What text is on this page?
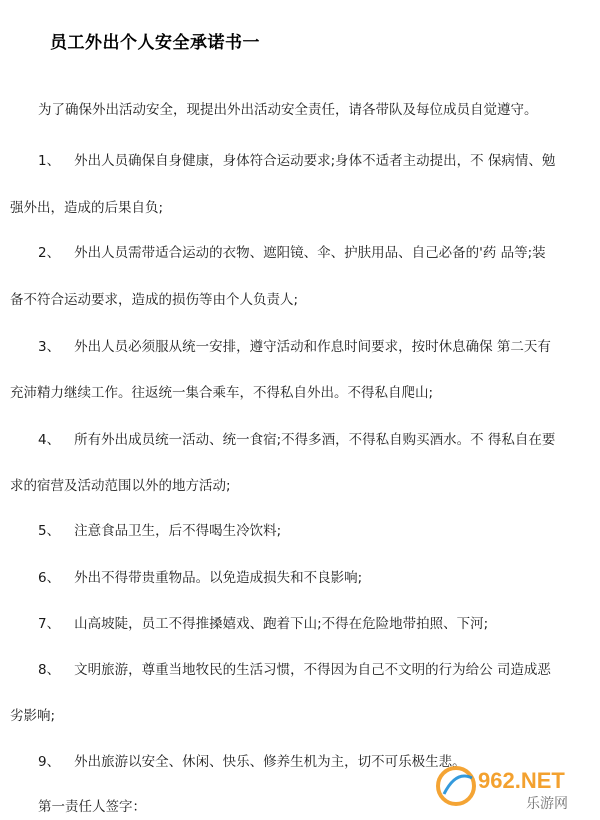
员工外出个人安全承诺书一
为了确保外出活动安全，现提出外出活动安全责任，请各带队及每位成员自觉遵守。
1、 外出人员确保自身健康，身体符合运动要求;身体不适者主动提出，不 保病情、勉
强外出，造成的后果自负;
2、 外出人员需带适合运动的衣物、遮阳镜、伞、护肤用品、自己必备的'药 品等;装
备不符合运动要求，造成的损伤等由个人负责人;
3、 外出人员必须服从统一安排，遵守活动和作息时间要求，按时休息确保 第二天有
充沛精力继续工作。往返统一集合乘车，不得私自外出。不得私自爬山;
4、 所有外出成员统一活动、统一食宿;不得多酒，不得私自购买酒水。不 得私自在要
求的宿营及活动范围以外的地方活动;
5、 注意食品卫生，后不得喝生冷饮料;
6、 外出不得带贵重物品。以免造成损失和不良影响;
7、 山高坡陡，员工不得推搡嬉戏、跑着下山;不得在危险地带拍照、下河;
8、 文明旅游，尊重当地牧民的生活习惯，不得因为自己不文明的行为给公 司造成恶
劣影响;
9、 外出旅游以安全、休闲、快乐、修养生机为主，切不可乐极生悲。
第一责任人签字：
962.NET
乐游网
